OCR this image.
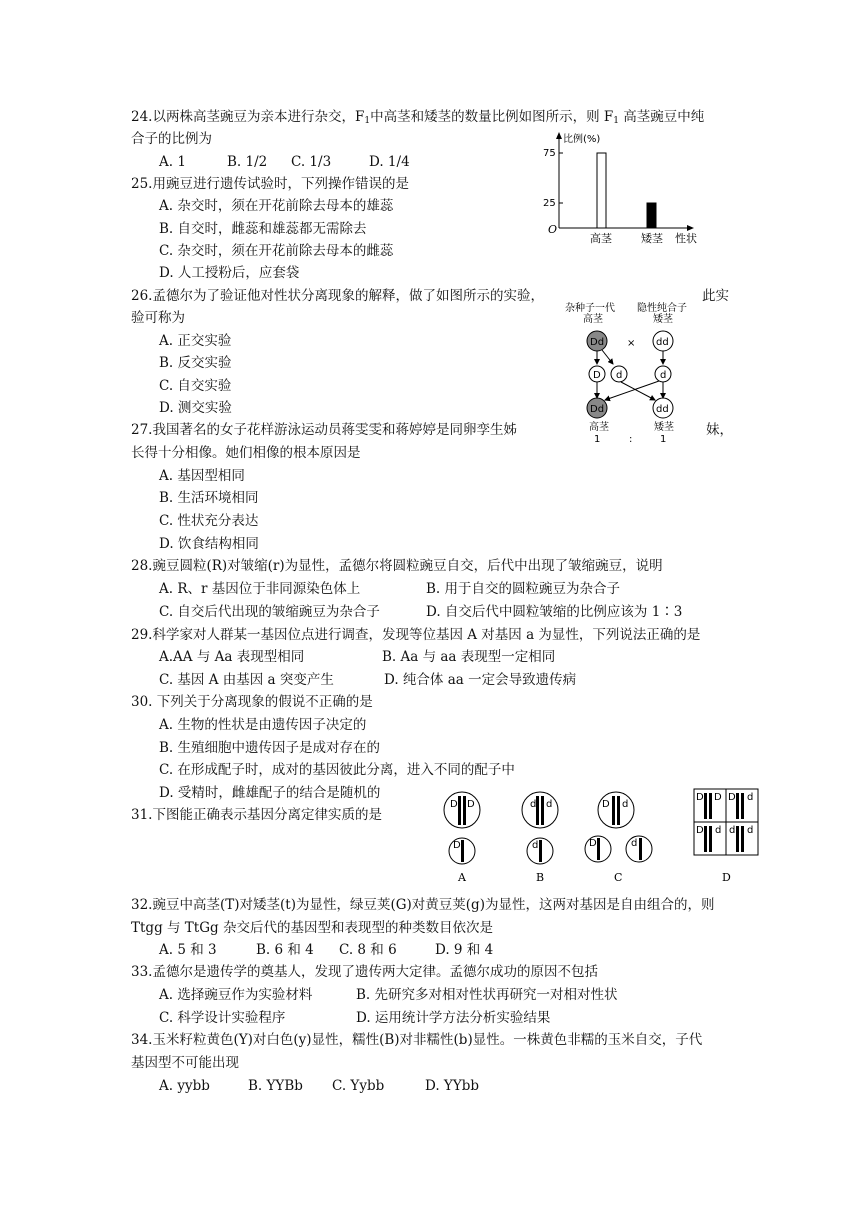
24.以两株高茎豌豆为亲本进行杂交，$F_1$中高茎和矮茎的数量比例如图所示，则 $F_1$ 高茎豌豆中纯
合子的比例为
A. 1	B. 1/2 C. 1/3	D. 1/4
比例(%)
75
25
O
高茎	矮茎 性状
25.用豌豆进行遗传试验时，下列操作错误的是
A. 杂交时，须在开花前除去母本的雄蕊
B. 自交时，雌蕊和雄蕊都无需除去
C. 杂交时，须在开花前除去母本的雌蕊
D. 人工授粉后，应套袋
26.孟德尔为了验证他对性状分离现象的解释，做了如图所示的实验，	此实
验可称为
A. 正交实验
B. 反交实验
C. 自交实验
D. 测交实验
杂种子一代
高茎
隐性纯合子
矮茎
Dd × dd
D d	d
Dd	dd
高茎	矮茎
1	:	1
27.我国著名的女子花样游泳运动员蒋雯雯和蒋婷婷是同卵孪生姊	妹，
长得十分相像。她们相像的根本原因是
A. 基因型相同
B. 生活环境相同
C. 性状充分表达
D. 饮食结构相同
28.豌豆圆粒(R)对皱缩(r)为显性，孟德尔将圆粒豌豆自交，后代中出现了皱缩豌豆，说明
A. R、r 基因位于非同源染色体上	B. 用于自交的圆粒豌豆为杂合子
C. 自交后代出现的皱缩豌豆为杂合子	D. 自交后代中圆粒皱缩的比例应该为 1∶3
29.科学家对人群某一基因位点进行调查，发现等位基因 A 对基因 a 为显性，下列说法正确的是
A.AA 与 Aa 表现型相同	B. Aa 与 aa 表现型一定相同
C. 基因 A 由基因 a 突变产生	D. 纯合体 aa 一定会导致遗传病
30. 下列关于分离现象的假说不正确的是
A. 生物的性状是由遗传因子决定的
B. 生殖细胞中遗传因子是成对存在的
C. 在形成配子时，成对的基因彼此分离，进入不同的配子中
D. 受精时，雌雄配子的结合是随机的
31.下图能正确表示基因分离定律实质的是
D D
D
A
d d
d
B
D d
D	d
C
D D D d
D d d d
D
32.豌豆中高茎(T)对矮茎(t)为显性，绿豆荚(G)对黄豆荚(g)为显性，这两对基因是自由组合的，则
Ttgg 与 TtGg 杂交后代的基因型和表现型的种类数目依次是
A. 5 和 3	B. 6 和 4 C. 8 和 6	D. 9 和 4
33.孟德尔是遗传学的奠基人，发现了遗传两大定律。孟德尔成功的原因不包括
A. 选择豌豆作为实验材料	B. 先研究多对相对性状再研究一对相对性状
C. 科学设计实验程序	D. 运用统计学方法分析实验结果
34.玉米籽粒黄色(Y)对白色(y)显性，糯性(B)对非糯性(b)显性。一株黄色非糯的玉米自交，子代
基因型不可能出现
A. yybb	B. YYBb C. Yybb	D. YYbb
